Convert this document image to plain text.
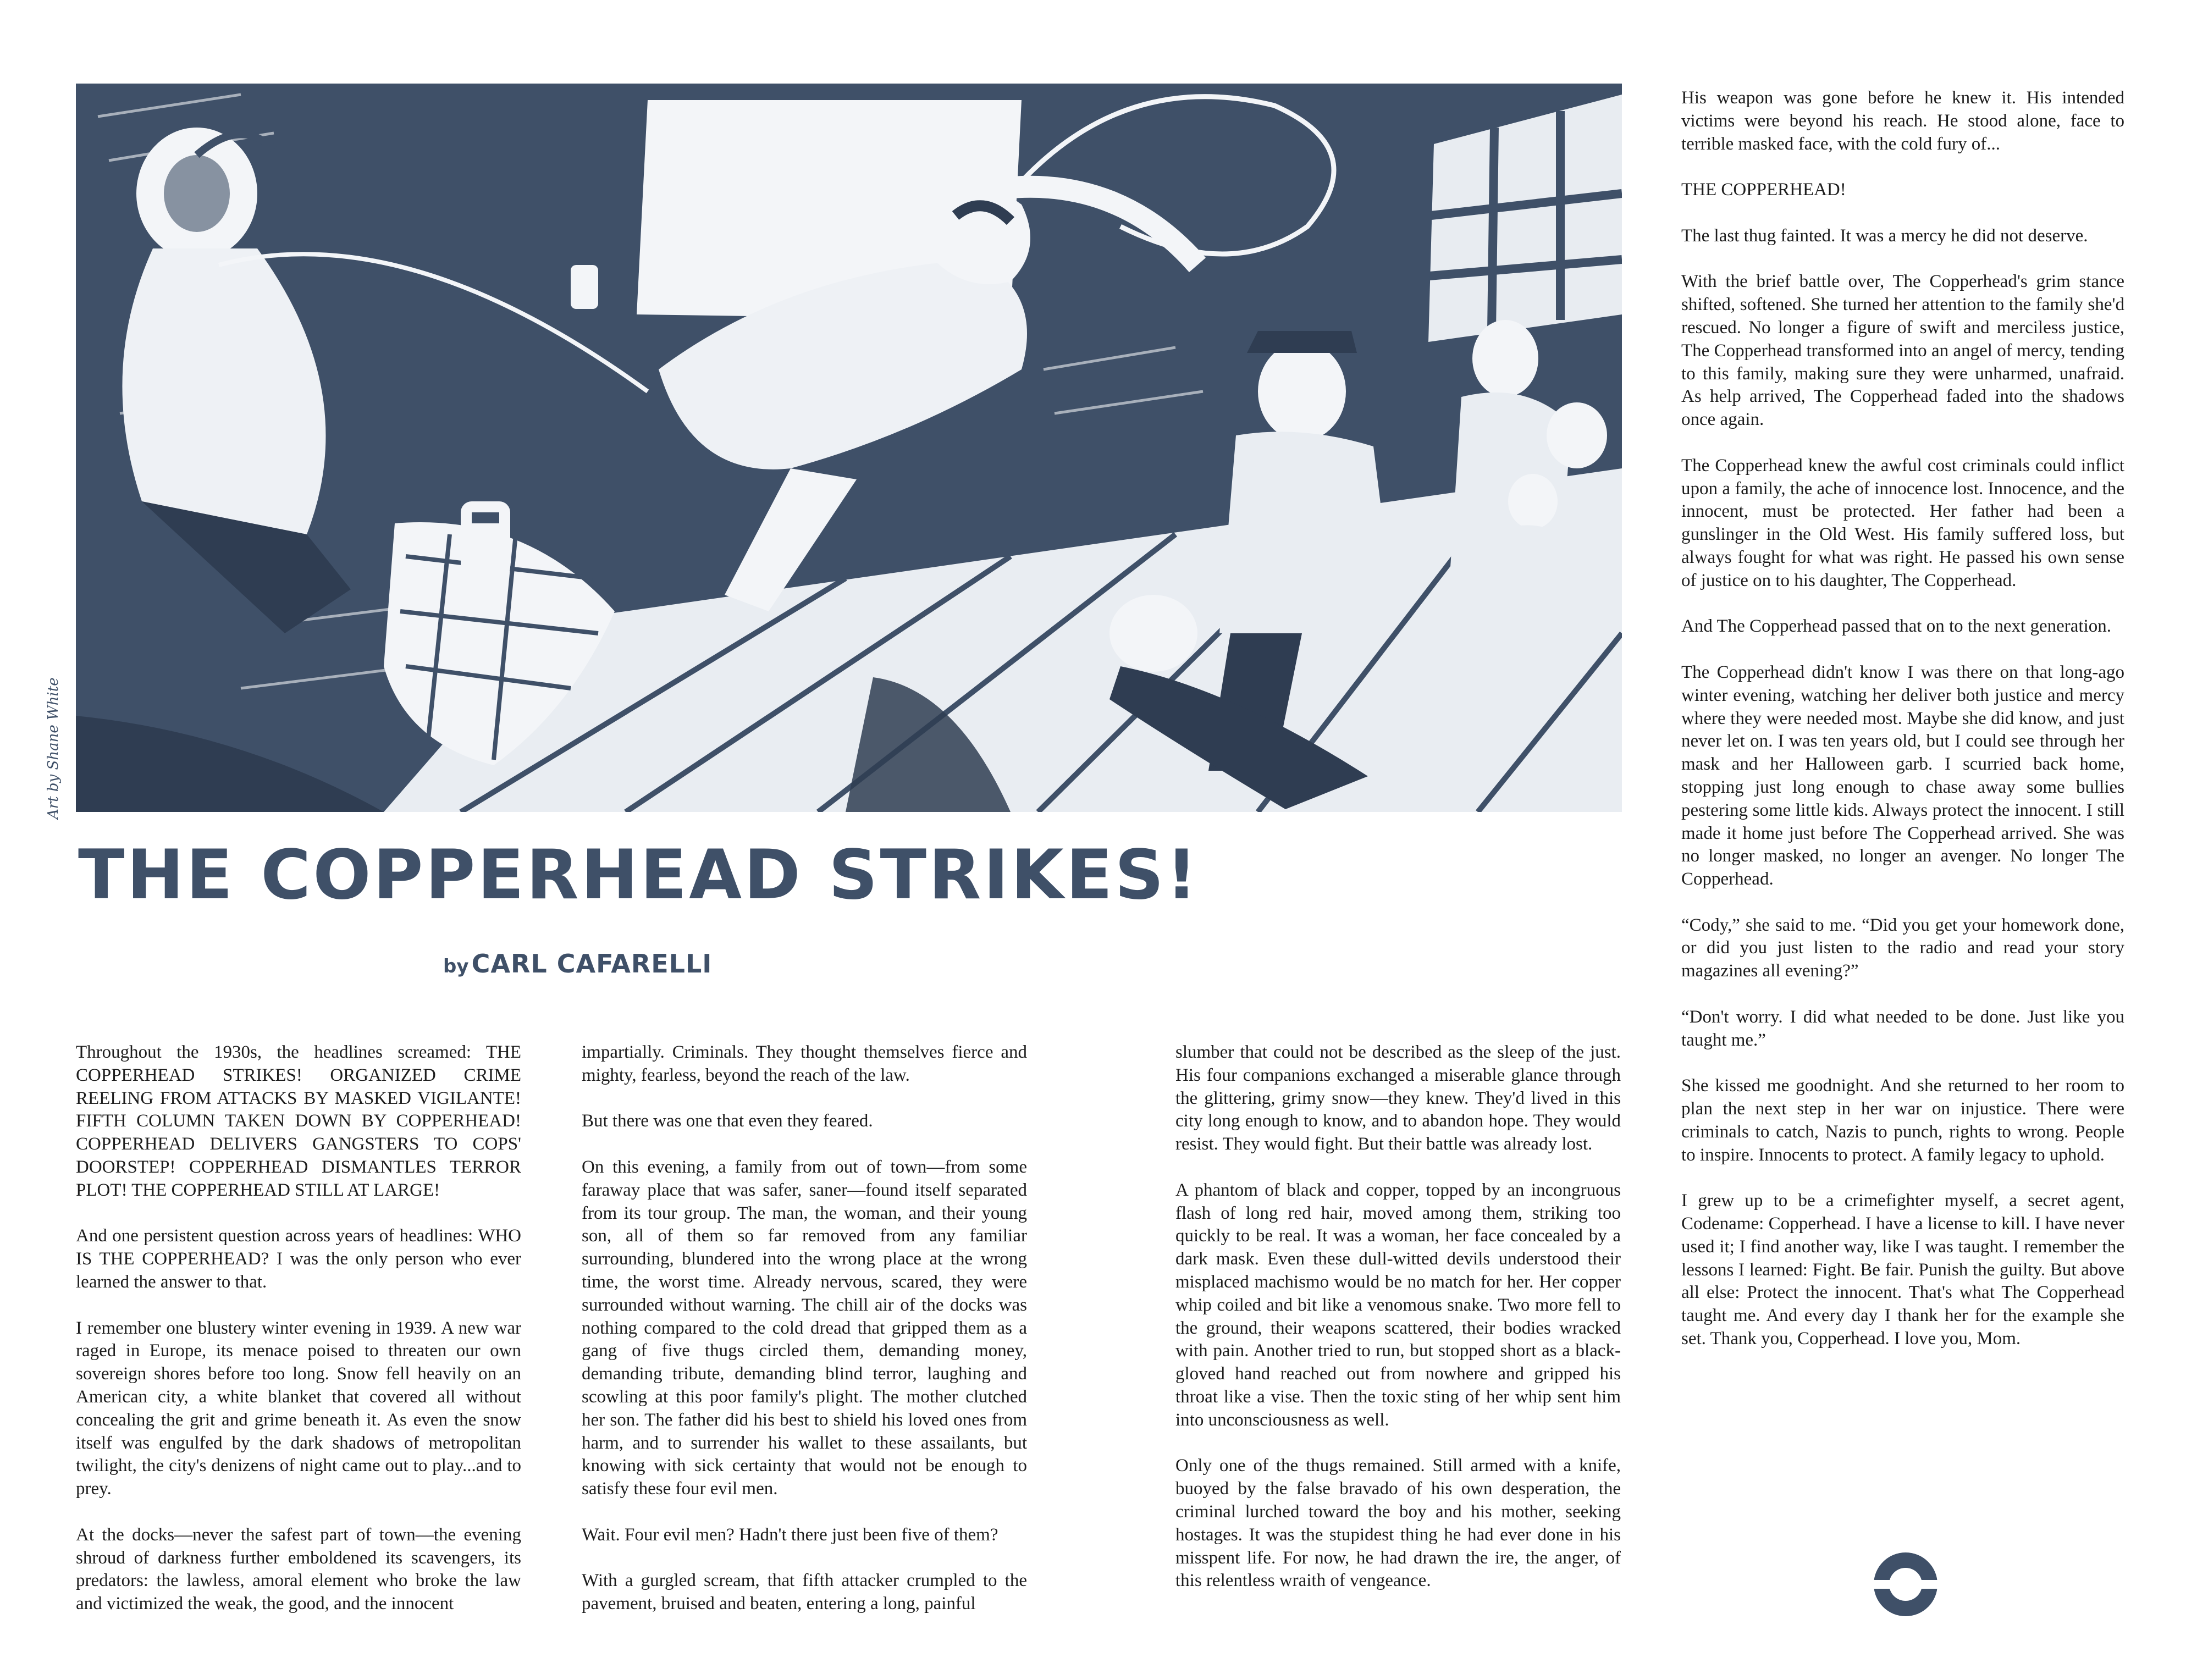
Art by Shane White
THE COPPERHEAD STRIKES!
by CARL CAFARELLI

Throughout the 1930s, the headlines screamed: THE COPPERHEAD STRIKES! ORGANIZED CRIME REELING FROM ATTACKS BY MASKED VIGILANTE! FIFTH COLUMN TAKEN DOWN BY COPPERHEAD! COPPERHEAD DELIVERS GANGSTERS TO COPS' DOORSTEP! COPPERHEAD DISMANTLES TERROR PLOT! THE COPPERHEAD STILL AT LARGE!

And one persistent question across years of headlines: WHO IS THE COPPERHEAD? I was the only person who ever learned the answer to that.

I remember one blustery winter evening in 1939. A new war raged in Europe, its menace poised to threaten our own sovereign shores before too long. Snow fell heavily on an American city, a white blanket that covered all without concealing the grit and grime beneath it. As even the snow itself was engulfed by the dark shadows of metropolitan twilight, the city's denizens of night came out to play...and to prey.

At the docks—never the safest part of town—the evening shroud of darkness further emboldened its scavengers, its predators: the lawless, amoral element who broke the law and victimized the weak, the good, and the innocent

impartially. Criminals. They thought themselves fierce and mighty, fearless, beyond the reach of the law.

But there was one that even they feared.

On this evening, a family from out of town—from some faraway place that was safer, saner—found itself separated from its tour group. The man, the woman, and their young son, all of them so far removed from any familiar surrounding, blundered into the wrong place at the wrong time, the worst time. Already nervous, scared, they were surrounded without warning. The chill air of the docks was nothing compared to the cold dread that gripped them as a gang of five thugs circled them, demanding money, demanding tribute, demanding blind terror, laughing and scowling at this poor family's plight. The mother clutched her son. The father did his best to shield his loved ones from harm, and to surrender his wallet to these assailants, but knowing with sick certainty that would not be enough to satisfy these four evil men.

Wait. Four evil men? Hadn't there just been five of them?

With a gurgled scream, that fifth attacker crumpled to the pavement, bruised and beaten, entering a long, painful

slumber that could not be described as the sleep of the just. His four companions exchanged a miserable glance through the glittering, grimy snow—they knew. They'd lived in this city long enough to know, and to abandon hope. They would resist. They would fight. But their battle was already lost.

A phantom of black and copper, topped by an incongruous flash of long red hair, moved among them, striking too quickly to be real. It was a woman, her face concealed by a dark mask. Even these dull-witted devils understood their misplaced machismo would be no match for her. Her copper whip coiled and bit like a venomous snake. Two more fell to the ground, their weapons scattered, their bodies wracked with pain. Another tried to run, but stopped short as a black-gloved hand reached out from nowhere and gripped his throat like a vise. Then the toxic sting of her whip sent him into unconsciousness as well.

Only one of the thugs remained. Still armed with a knife, buoyed by the false bravado of his own desperation, the criminal lurched toward the boy and his mother, seeking hostages. It was the stupidest thing he had ever done in his misspent life. For now, he had drawn the ire, the anger, of this relentless wraith of vengeance.

His weapon was gone before he knew it. His intended victims were beyond his reach. He stood alone, face to terrible masked face, with the cold fury of...

THE COPPERHEAD!

The last thug fainted. It was a mercy he did not deserve.

With the brief battle over, The Copperhead's grim stance shifted, softened. She turned her attention to the family she'd rescued. No longer a figure of swift and merciless justice, The Copperhead transformed into an angel of mercy, tending to this family, making sure they were unharmed, unafraid. As help arrived, The Copperhead faded into the shadows once again.

The Copperhead knew the awful cost criminals could inflict upon a family, the ache of innocence lost. Innocence, and the innocent, must be protected. Her father had been a gunslinger in the Old West. His family suffered loss, but always fought for what was right. He passed his own sense of justice on to his daughter, The Copperhead.

And The Copperhead passed that on to the next generation.

The Copperhead didn't know I was there on that long-ago winter evening, watching her deliver both justice and mercy where they were needed most. Maybe she did know, and just never let on. I was ten years old, but I could see through her mask and her Halloween garb. I scurried back home, stopping just long enough to chase away some bullies pestering some little kids. Always protect the innocent. I still made it home just before The Copperhead arrived. She was no longer masked, no longer an avenger. No longer The Copperhead.

“Cody,” she said to me. “Did you get your homework done, or did you just listen to the radio and read your story magazines all evening?”

“Don't worry. I did what needed to be done. Just like you taught me.”

She kissed me goodnight. And she returned to her room to plan the next step in her war on injustice. There were criminals to catch, Nazis to punch, rights to wrong. People to inspire. Innocents to protect. A family legacy to uphold.

I grew up to be a crimefighter myself, a secret agent, Codename: Copperhead. I have a license to kill. I have never used it; I find another way, like I was taught. I remember the lessons I learned: Fight. Be fair. Punish the guilty. But above all else: Protect the innocent. That's what The Copperhead taught me. And every day I thank her for the example she set. Thank you, Copperhead. I love you, Mom.
